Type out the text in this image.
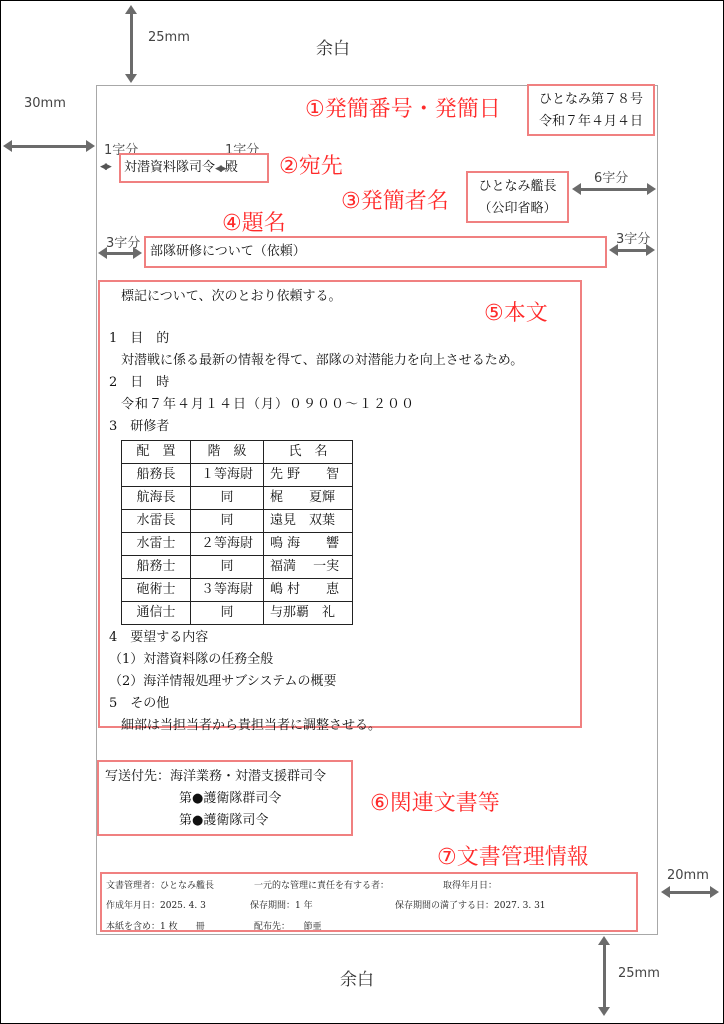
25mm
余白
30mm
20mm
25mm
余白
①発簡番号・発簡日	ひとなみ第７８号
令和７年４月４日
1字分	1字分
◀▶	対潜資料隊司令◀▶殿	②宛先
③発簡者名
ひとなみ艦長
（公印省略）
6字分
④題名
3字分
部隊研修について（依頼）
3字分
標記について、次のとおり依頼する。
1　 目　的
対潜戦に係る最新の情報を得て、部隊の対潜能力を向上させるため。
2　 日　時
令和７年４月１４日（月）０９００～１２００
3　 研修者
配　置	階　級	氏　名
船務長	１等海尉	先 野　　智
航海長	同	梶　　夏輝
水雷長	同	遠見　双葉
水雷士	２等海尉	鳴 海　　響
船務士	同	福満　 一実
砲術士	３等海尉	嶋 村　　恵
通信士	同	与那覇　礼
4　 要望する内容
（1）対潜資料隊の任務全般
（2）海洋情報処理サブシステムの概要
5　 その他
細部は当担当者から貴担当者に調整させる。
⑤本文
写送付先：海洋業務・対潜支援群司令
第●護衛隊群司令
第●護衛隊司令
⑥関連文書等
⑦文書管理情報
文書管理者：ひとなみ艦長	一元的な管理に責任を有する者：	取得年月日：
作成年月日：2025. 4. 3	保存期間：1 年	保存期間の満了する日：2027. 3. 31
本紙を含め：1 枚　　冊	配布先：　　節亜
